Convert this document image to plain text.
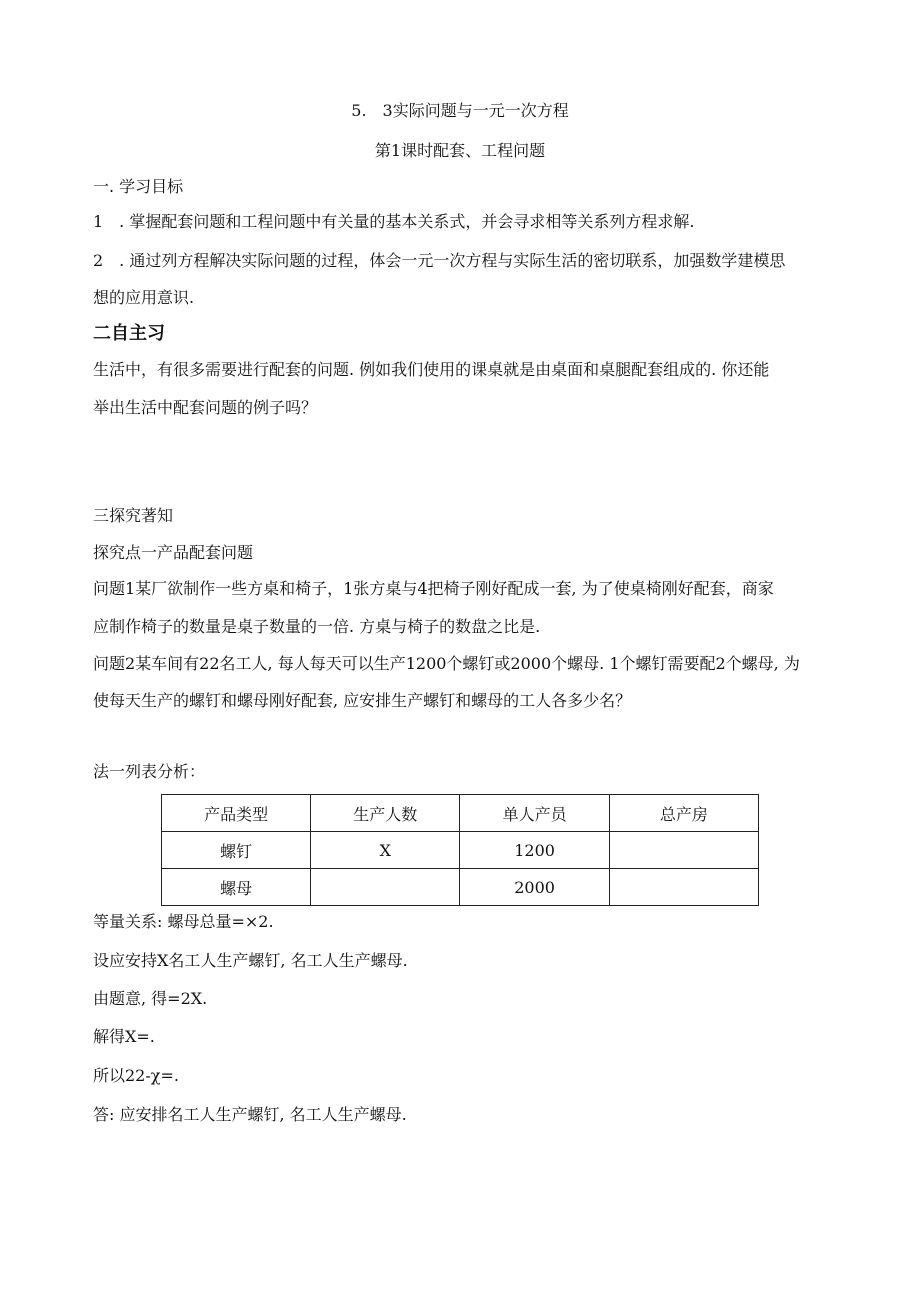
5.　3实际问题与一元一次方程
第1课时配套、工程问题
一. 学习目标
1　. 掌握配套问题和工程问题中有关量的基本关系式，并会寻求相等关系列方程求解.
2　. 通过列方程解决实际问题的过程，体会一元一次方程与实际生活的密切联系，加强数学建模思
想的应用意识.
二自主习
生活中，有很多需要进行配套的问题. 例如我们使用的课桌就是由桌面和桌腿配套组成的. 你还能
举出生活中配套问题的例子吗？
三探究著知
探究点一产品配套问题
问题1某厂欲制作一些方桌和椅子，1张方桌与4把椅子刚好配成一套, 为了使桌椅刚好配套，商家
应制作椅子的数量是桌子数量的一倍. 方桌与椅子的数盘之比是.
问题2某车间有22名工人, 每人每天可以生产1200个螺钉或2000个螺母. 1个螺钉需要配2个螺母, 为
使每天生产的螺钉和螺母刚好配套, 应安排生产螺钉和螺母的工人各多少名？
法一列表分析：
产品类型	生产人数	单人产员	总产房
螺钉	X	1200	
螺母		2000	
等量关系: 螺母总量=×2.
设应安持X名工人生产螺钉, 名工人生产螺母.
由题意, 得=2X.
解得X=.
所以22-χ=.
答: 应安排名工人生产螺钉, 名工人生产螺母.
